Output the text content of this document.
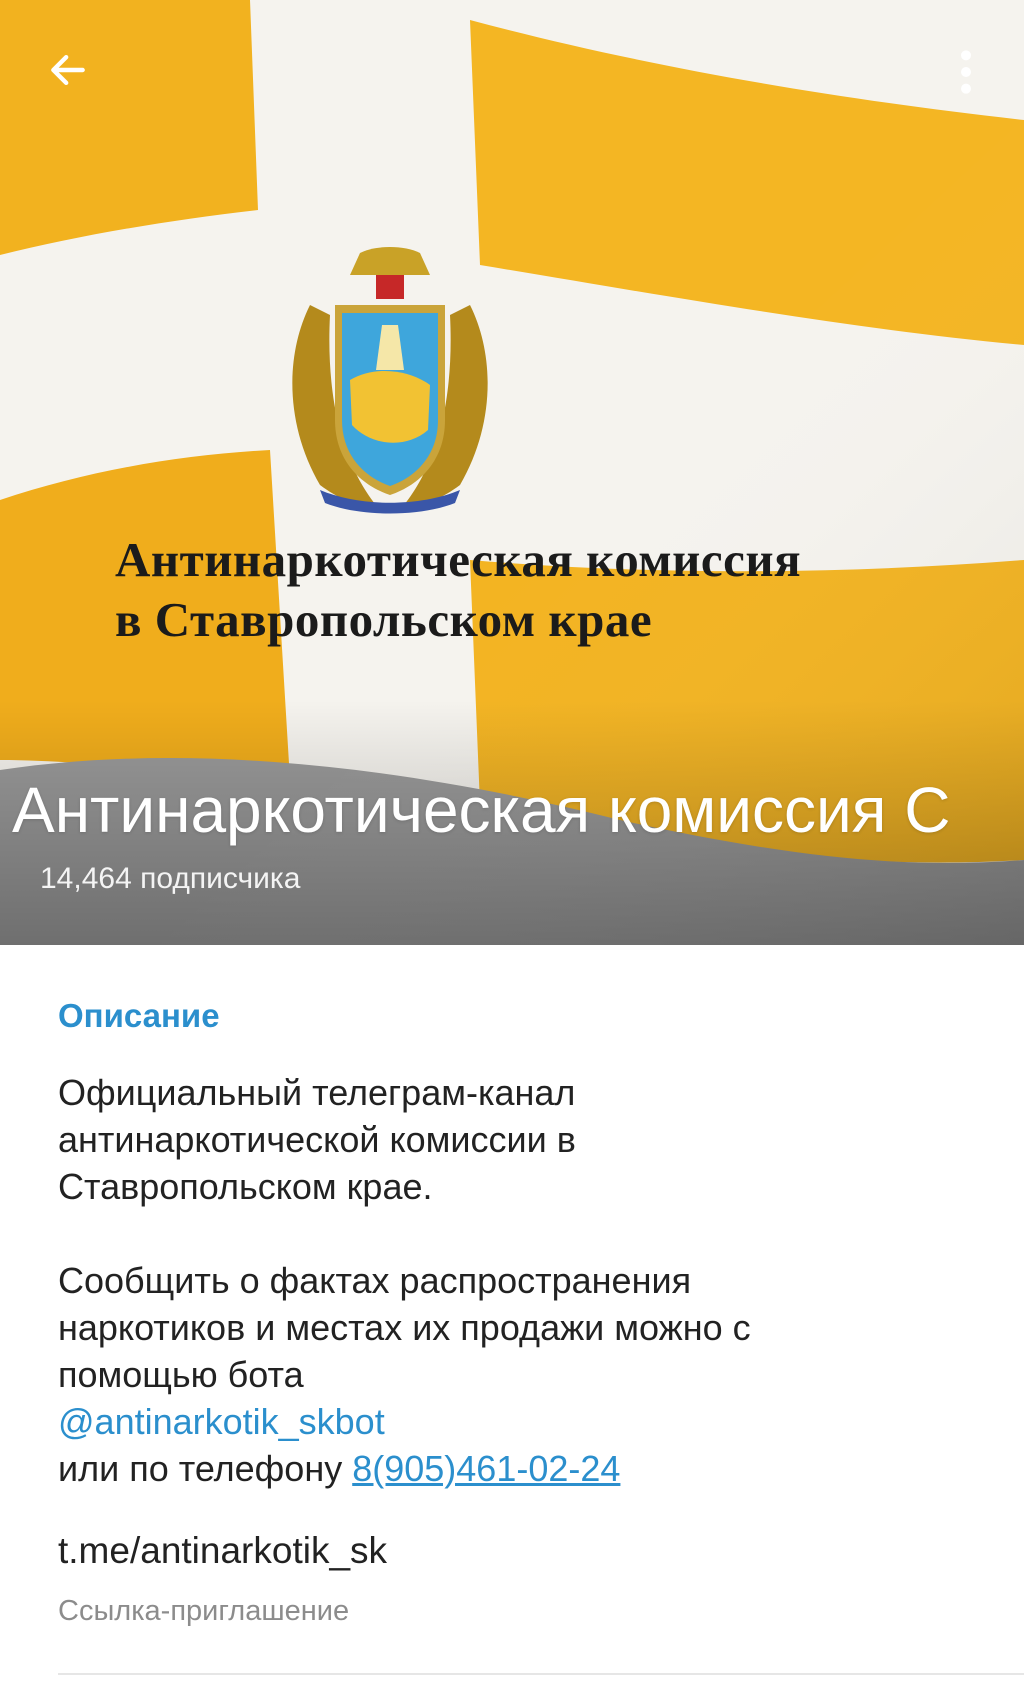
Антинаркотическая комиссия
в Ставропольском крае
Антинаркотическая комиссия С
14,464 подписчика
Описание

Официальный телеграм-канал

антинаркотической комиссии в

Ставропольском крае.

Сообщить о фактах распространения

наркотиков и местах их продажи можно с

помощью бота

@antinarkotik_skbot

или по телефону 8(905)461-02-24

t.me/antinarkotik_sk
Ссылка-приглашение
